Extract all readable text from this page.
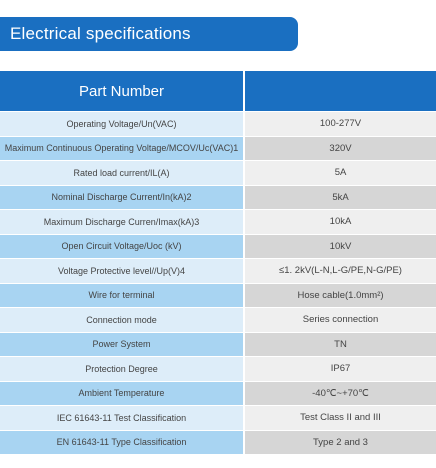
Electrical specifications
Part Number
Operating Voltage/Un(VAC)	100-277V
Maximum Continuous Operating Voltage/MCOV/Uc(VAC)1	320V
Rated load current/IL(A)	5A
Nominal Discharge Current/In(kA)2	5kA
Maximum Discharge Curren/Imax(kA)3	10kA
Open Circuit Voltage/Uoc (kV)	10kV
Voltage Protective level//Up(V)4	≤1. 2kV(L-N,L-G/PE,N-G/PE)
Wire for terminal	Hose cable(1.0mm²)
Connection mode	Series connection
Power System	TN
Protection Degree	IP67
Ambient Temperature	-40℃~+70℃
IEC 61643-11 Test Classification	Test Class II and III
EN 61643-11 Type Classification	Type 2 and 3
